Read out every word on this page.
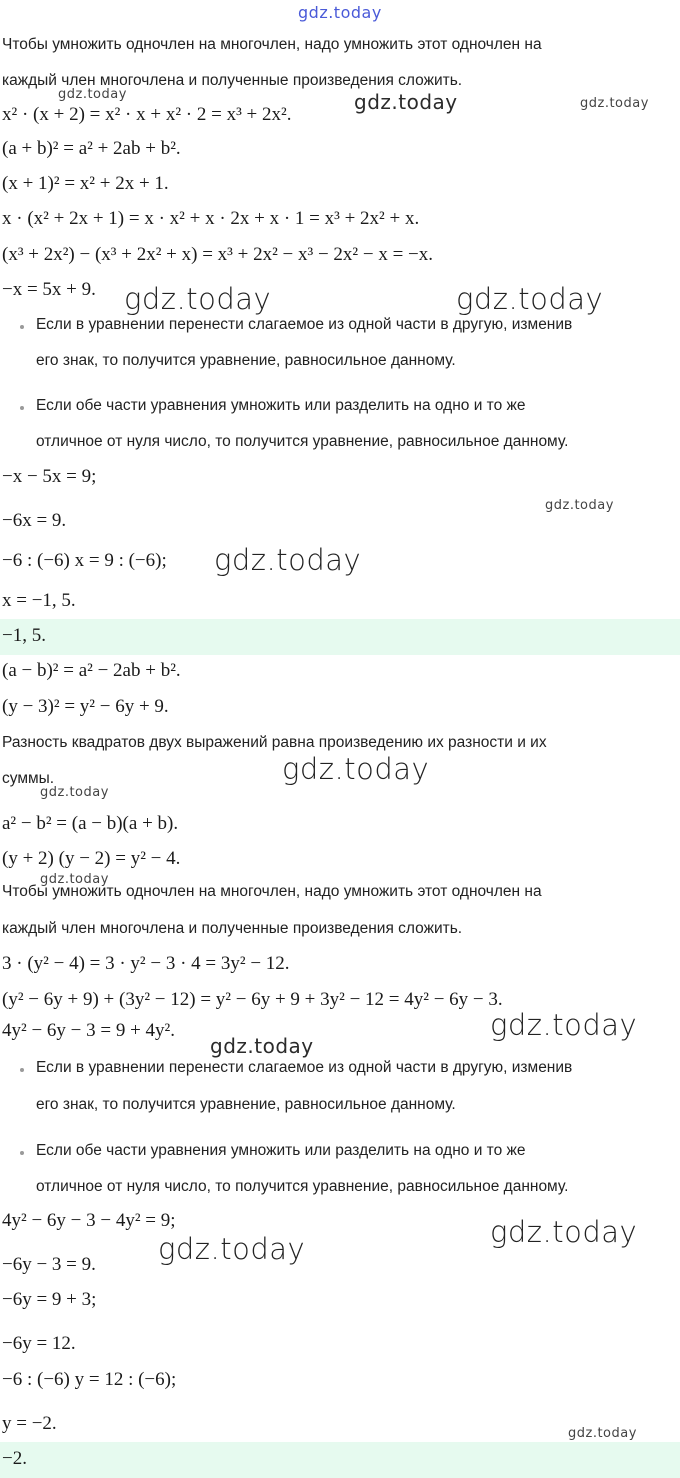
gdz.today
Чтобы умножить одночлен на многочлен, надо умножить этот одночлен на
каждый член многочлена и полученные произведения сложить.
gdz.today
x² · (x + 2) = x² · x + x² · 2 = x³ + 2x².
gdz.today	gdz.today
(a + b)² = a² + 2ab + b².
(x + 1)² = x² + 2x + 1.
x · (x² + 2x + 1) = x · x² + x · 2x + x · 1 = x³ + 2x² + x.
(x³ + 2x²) − (x³ + 2x² + x) = x³ + 2x² − x³ − 2x² − x = −x.
−x = 5x + 9. gdz.today	gdz.today
Если в уравнении перенести слагаемое из одной части в другую, изменив
его знак, то получится уравнение, равносильное данному.
Если обе части уравнения умножить или разделить на одно и то же
отличное от нуля число, то получится уравнение, равносильное данному.
−x − 5x = 9;
gdz.today
−6x = 9.
−6 : (−6) x = 9 : (−6); gdz.today
x = −1, 5.
−1, 5.
(a − b)² = a² − 2ab + b².
(y − 3)² = y² − 6y + 9.
Разность квадратов двух выражений равна произведению их разности и их
суммы.	gdz.today
gdz.today
a² − b² = (a − b)(a + b).
(y + 2) (y − 2) = y² − 4.
gdz.today
Чтобы умножить одночлен на многочлен, надо умножить этот одночлен на
каждый член многочлена и полученные произведения сложить.
3 · (y² − 4) = 3 · y² − 3 · 4 = 3y² − 12.
(y² − 6y + 9) + (3y² − 12) = y² − 6y + 9 + 3y² − 12 = 4y² − 6y − 3.
4y² − 6y − 3 = 9 + 4y².	gdz.today
gdz.today
Если в уравнении перенести слагаемое из одной части в другую, изменив
его знак, то получится уравнение, равносильное данному.
Если обе части уравнения умножить или разделить на одно и то же
отличное от нуля число, то получится уравнение, равносильное данному.
4y² − 6y − 3 − 4y² = 9;	gdz.today
gdz.today
−6y − 3 = 9.
−6y = 9 + 3;
−6y = 12.
−6 : (−6) y = 12 : (−6);
y = −2.	gdz.today
−2.
